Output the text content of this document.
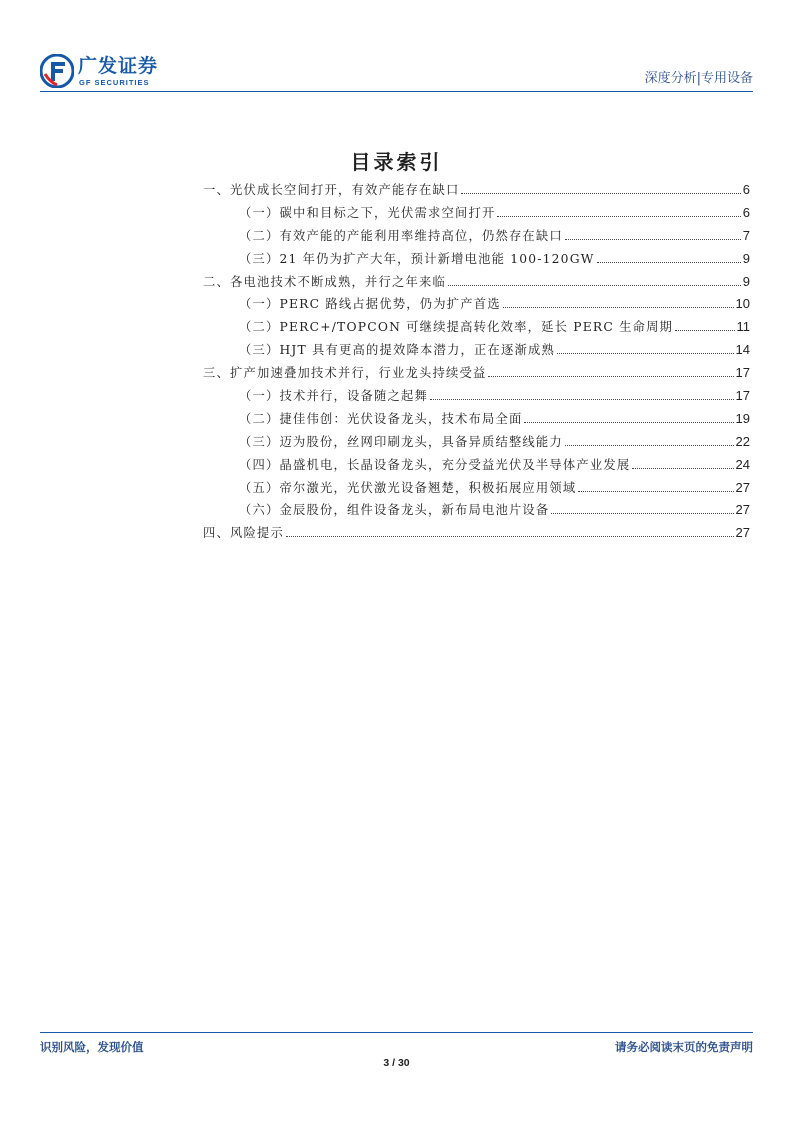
广发证券
GF SECURITIES	深度分析|专用设备
目录索引
一、光伏成长空间打开，有效产能存在缺口	6
（一）碳中和目标之下，光伏需求空间打开	6
（二）有效产能的产能利用率维持高位，仍然存在缺口	7
（三）21 年仍为扩产大年，预计新增电池能 100-120GW	9
二、各电池技术不断成熟，并行之年来临	9
（一）PERC 路线占据优势，仍为扩产首选	10
（二）PERC+/TOPCON 可继续提高转化效率，延长 PERC 生命周期	11
（三）HJT 具有更高的提效降本潜力，正在逐渐成熟	14
三、扩产加速叠加技术并行，行业龙头持续受益	17
（一）技术并行，设备随之起舞	17
（二）捷佳伟创：光伏设备龙头，技术布局全面	19
（三）迈为股份，丝网印刷龙头，具备异质结整线能力	22
（四）晶盛机电，长晶设备龙头，充分受益光伏及半导体产业发展	24
（五）帝尔激光，光伏激光设备翘楚，积极拓展应用领域	27
（六）金辰股份，组件设备龙头，新布局电池片设备	27
四、风险提示	27
识别风险，发现价值	请务必阅读末页的免责声明
3 / 30
